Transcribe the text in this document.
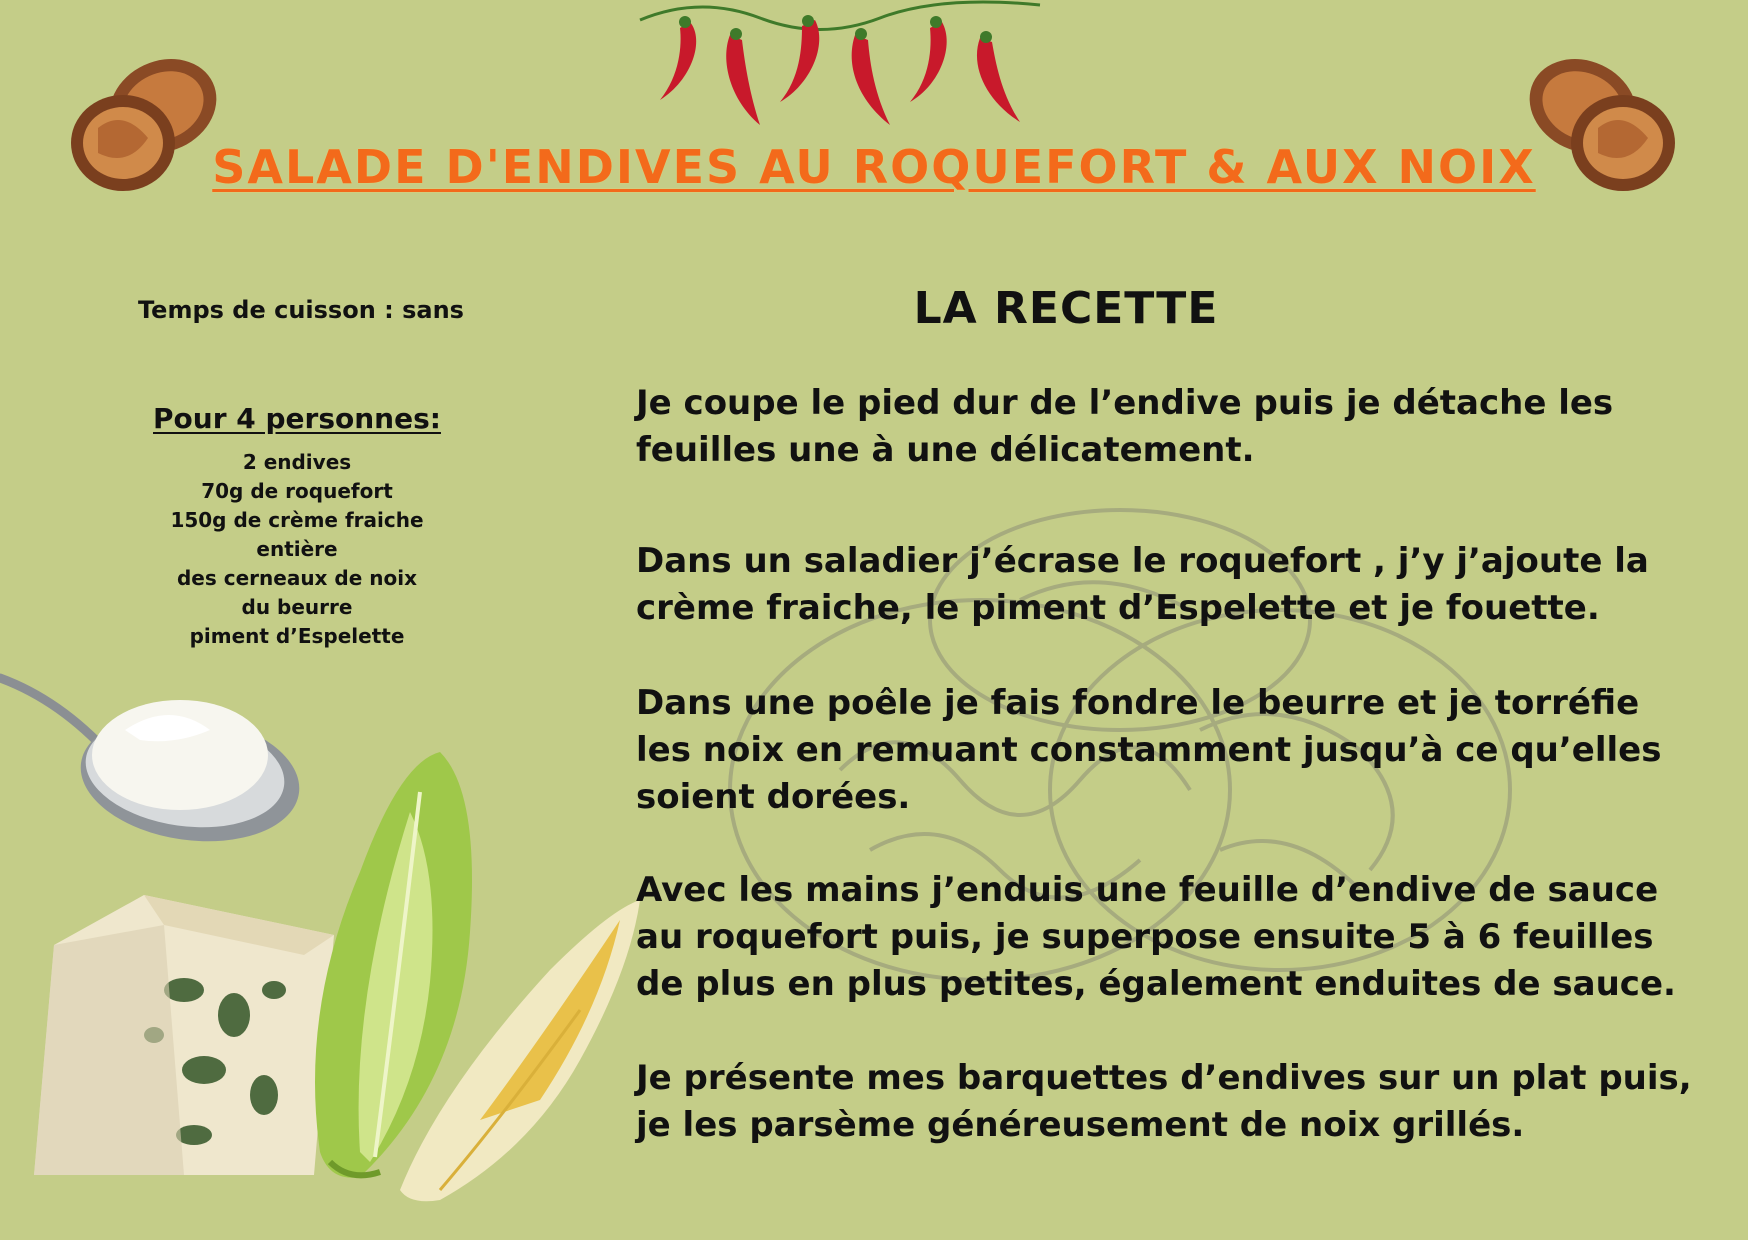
SALADE D'ENDIVES AU ROQUEFORT & AUX NOIX
Temps de cuisson : sans
Pour 4 personnes:
2 endives
70g de roquefort
150g de crème fraiche entière
des cerneaux de noix
du beurre
piment d’Espelette
LA RECETTE

Je coupe le pied dur de l’endive puis je détache les feuilles une à une délicatement.

Dans un saladier j’écrase le roquefort , j’y j’ajoute la crème fraiche, le piment d’Espelette et je fouette.

Dans une poêle je fais fondre le beurre et je torréfie les noix en remuant constamment jusqu’à ce qu’elles soient dorées.

Avec les mains j’enduis une feuille d’endive de sauce au roquefort puis, je superpose ensuite 5 à 6 feuilles de plus en plus petites, également enduites de sauce.

Je présente mes barquettes d’endives sur un plat puis, je les parsème généreusement de noix grillés.
